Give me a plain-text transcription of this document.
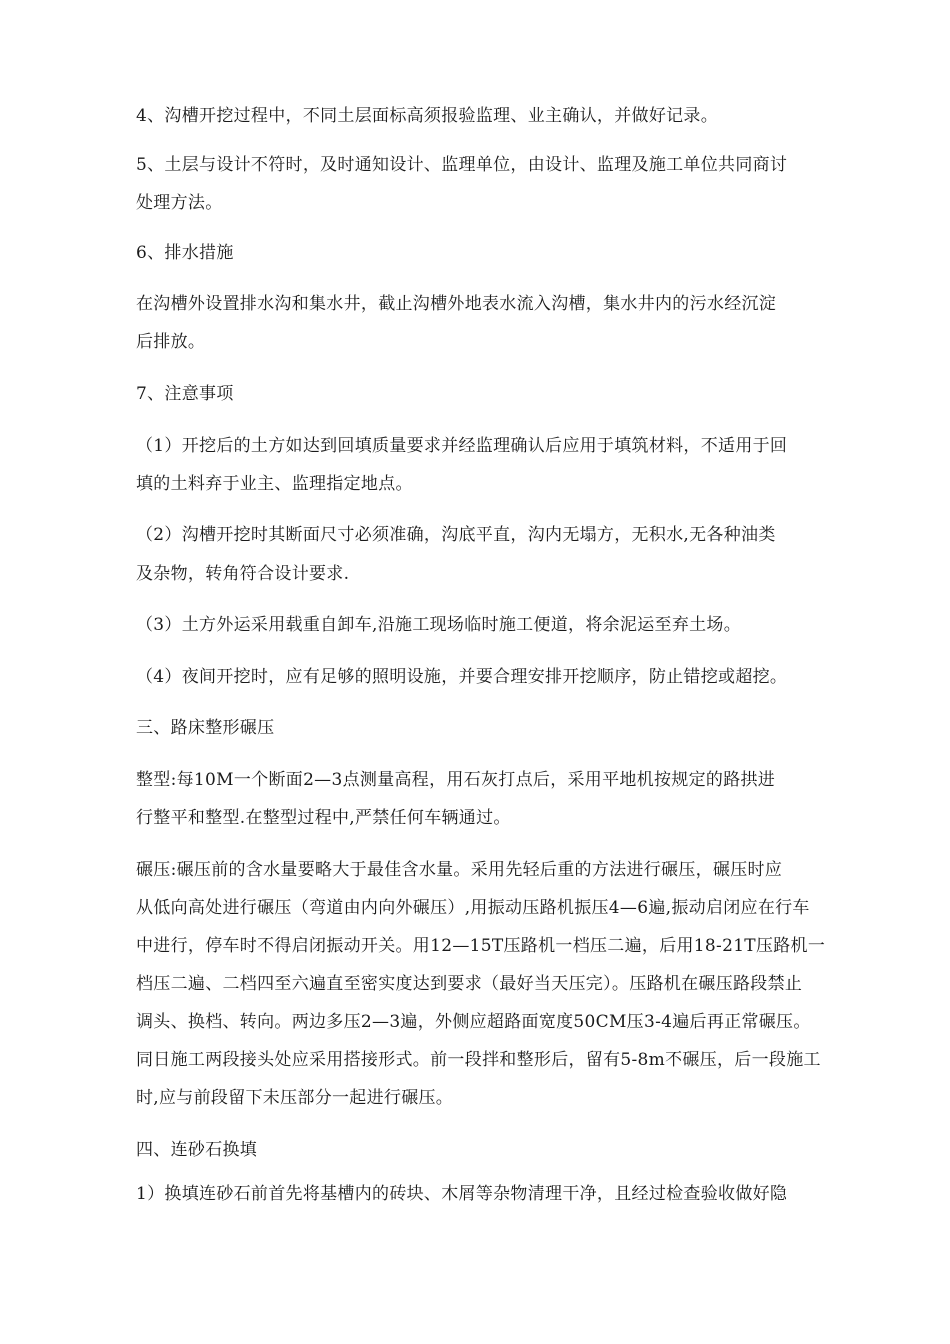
4、沟槽开挖过程中，不同土层面标高须报验监理、业主确认，并做好记录。
5、土层与设计不符时，及时通知设计、监理单位，由设计、监理及施工单位共同商讨
处理方法。
6、排水措施
在沟槽外设置排水沟和集水井，截止沟槽外地表水流入沟槽，集水井内的污水经沉淀
后排放。
7、注意事项
（1）开挖后的土方如达到回填质量要求并经监理确认后应用于填筑材料，不适用于回
填的土料弃于业主、监理指定地点。
（2）沟槽开挖时其断面尺寸必须准确，沟底平直，沟内无塌方，无积水,无各种油类
及杂物，转角符合设计要求.
（3）土方外运采用载重自卸车,沿施工现场临时施工便道，将余泥运至弃土场。
（4）夜间开挖时，应有足够的照明设施，并要合理安排开挖顺序，防止错挖或超挖。
三、路床整形碾压
整型:每10M一个断面2—3点测量高程，用石灰打点后，采用平地机按规定的路拱进
行整平和整型.在整型过程中,严禁任何车辆通过。
碾压:碾压前的含水量要略大于最佳含水量。采用先轻后重的方法进行碾压，碾压时应
从低向高处进行碾压（弯道由内向外碾压）,用振动压路机振压4—6遍,振动启闭应在行车
中进行，停车时不得启闭振动开关。用12—15T压路机一档压二遍，后用18-21T压路机一
档压二遍、二档四至六遍直至密实度达到要求（最好当天压完）。压路机在碾压路段禁止
调头、换档、转向。两边多压2—3遍，外侧应超路面宽度50CM压3-4遍后再正常碾压。
同日施工两段接头处应采用搭接形式。前一段拌和整形后，留有5-8m不碾压，后一段施工
时,应与前段留下未压部分一起进行碾压。
四、连砂石换填
1）换填连砂石前首先将基槽内的砖块、木屑等杂物清理干净，且经过检查验收做好隐
